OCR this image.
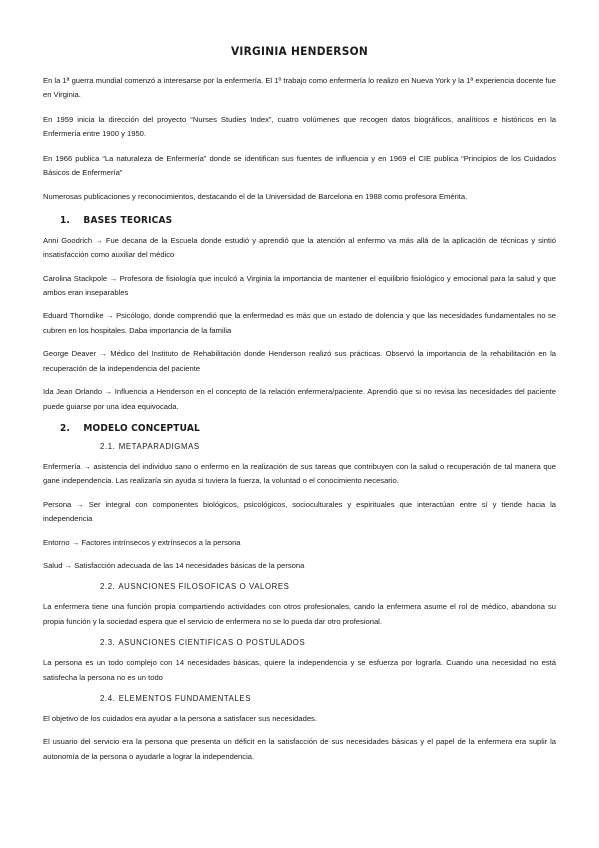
VIRGINIA HENDERSON

En la 1ª guerra mundial comenzó a interesarse por la enfermería. El 1º trabajo como enfermería lo realizo en Nueva York y la 1ª experiencia docente fue en Virginia.

En 1959 inicia la dirección del proyecto “Nurses Studies Index”, cuatro volúmenes que recogen datos biográficos, analíticos e históricos en la Enfermería entre 1900 y 1950.

En 1966 publica “La naturaleza de Enfermería” donde se identifican sus fuentes de influencia y en 1969 el CIE publica “Principios de los Cuidados Básicos de Enfermería”

Numerosas publicaciones y reconocimientos, destacando el de la Universidad de Barcelona en 1988 como profesora Emérita.

1. BASES TEORICAS

Anni Goodrich → Fue decana de la Escuela donde estudió y aprendió que la atención al enfermo va más allá de la aplicación de técnicas y sintió insatisfacción como auxiliar del médico

Carolina Stackpole → Profesora de fisiología que inculcó a Virginia la importancia de mantener el equilibrio fisiológico y emocional para la salud y que ambos eran inseparables

Eduard Thorndike → Psicólogo, donde comprendió que la enfermedad es más que un estado de dolencia y que las necesidades fundamentales no se cubren en los hospitales. Daba importancia de la familia

George Deaver → Médico del Instituto de Rehabilitación donde Henderson realizó sus prácticas. Observó la importancia de la rehabilitación en la recuperación de la independencia del paciente

Ida Jean Orlando → Influencia a Henderson en el concepto de la relación enfermera/paciente. Aprendió que si no revisa las necesidades del paciente puede guiarse por una idea equivocada.

2. MODELO CONCEPTUAL
2.1. METAPARADIGMAS

Enfermería → asistencia del individuo sano o enfermo en la realización de sus tareas que contribuyen con la salud o recuperación de tal manera que gane independencia. Las realizaría sin ayuda si tuviera la fuerza, la voluntad o el conocimiento necesario.

Persona → Ser integral con componentes biológicos, psicológicos, socioculturales y espirituales que interactúan entre sí y tiende hacia la independencia

Entorno → Factores intrínsecos y extrínsecos a la persona

Salud → Satisfacción adecuada de las 14 necesidades básicas de la persona

2.2. AUSNCIONES FILOSOFICAS O VALORES

La enfermera tiene una función propia compartiendo actividades con otros profesionales, cando la enfermera asume el rol de médico, abandona su propia función y la sociedad espera que el servicio de enfermera no se lo pueda dar otro profesional.

2.3. ASUNCIONES CIENTIFICAS O POSTULADOS

La persona es un todo complejo con 14 necesidades básicas, quiere la independencia y se esfuerza por lograrla. Cuando una necesidad no está satisfecha la persona no es un todo

2.4. ELEMENTOS FUNDAMENTALES

El objetivo de los cuidados era ayudar a la persona a satisfacer sus necesidades.

El usuario del servicio era la persona que presenta un déficit en la satisfacción de sus necesidades básicas y el papel de la enfermera era suplir la autonomía de la persona o ayudarle a lograr la independencia.
